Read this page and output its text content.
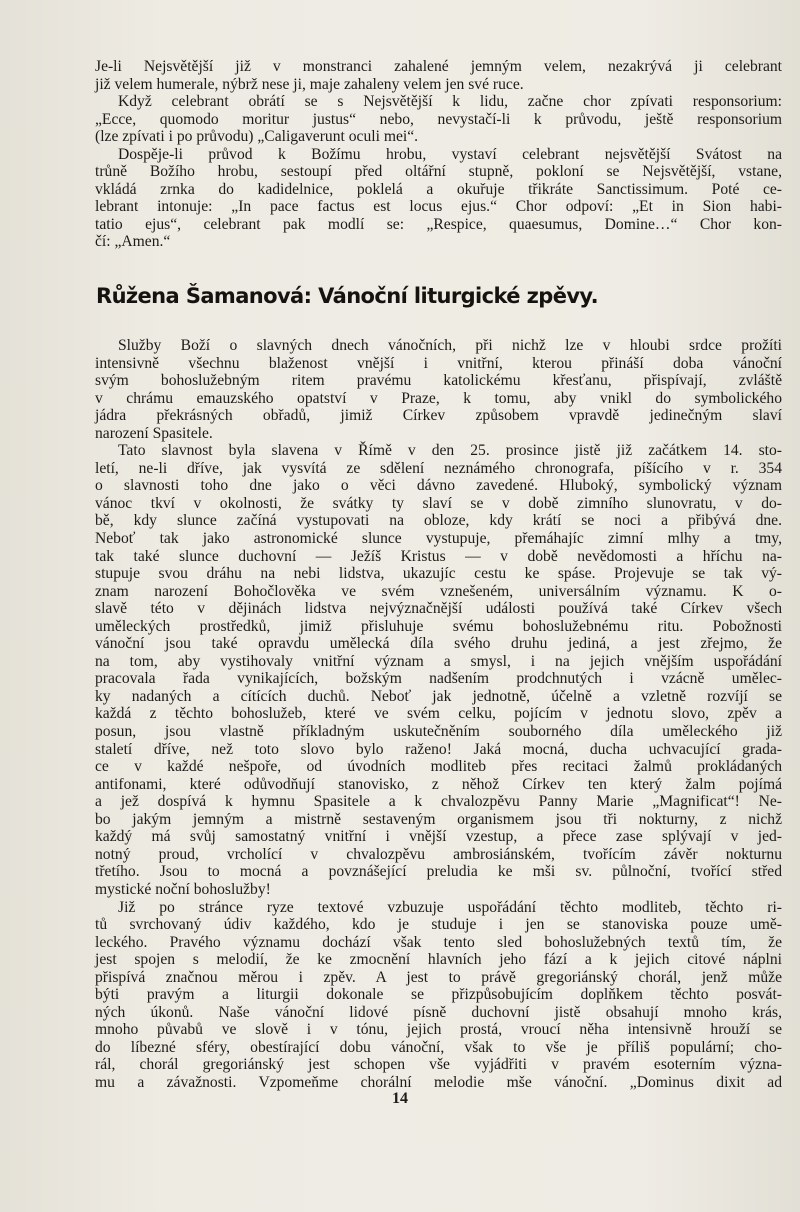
Je-li Nejsvětější již v monstranci zahalené jemným velem, nezakrývá ji celebrant
již velem humerale, nýbrž nese ji, maje zahaleny velem jen své ruce.
Když celebrant obrátí se s Nejsvětější k lidu, začne chor zpívati responsorium:
„Ecce, quomodo moritur justus“ nebo, nevystačí-li k průvodu, ještě responsorium
(lze zpívati i po průvodu) „Caligaverunt oculi mei“.
Dospěje-li průvod k Božímu hrobu, vystaví celebrant nejsvětější Svátost na
trůně Božího hrobu, sestoupí před oltářní stupně, pokloní se Nejsvětější, vstane,
vkládá zrnka do kadidelnice, poklelá a okuřuje třikráte Sanctissimum. Poté ce-
lebrant intonuje: „In pace factus est locus ejus.“ Chor odpoví: „Et in Sion habi-
tatio ejus“, celebrant pak modlí se: „Respice, quaesumus, Domine…“ Chor kon-
čí: „Amen.“
Růžena Šamanová: Vánoční liturgické zpěvy.
Služby Boží o slavných dnech vánočních, při nichž lze v hloubi srdce prožíti
intensivně všechnu blaženost vnější i vnitřní, kterou přináší doba vánoční
svým bohoslužebným ritem pravému katolickému křesťanu, přispívají, zvláště
v chrámu emauzského opatství v Praze, k tomu, aby vnikl do symbolického
jádra překrásných obřadů, jimiž Církev způsobem vpravdě jedinečným slaví
narození Spasitele.
Tato slavnost byla slavena v Římě v den 25. prosince jistě již začátkem 14. sto-
letí, ne-li dříve, jak vysvítá ze sdělení neznámého chronografa, píšícího v r. 354
o slavnosti toho dne jako o věci dávno zavedené. Hluboký, symbolický význam
vánoc tkví v okolnosti, že svátky ty slaví se v době zimního slunovratu, v do-
bě, kdy slunce začíná vystupovati na obloze, kdy krátí se noci a přibývá dne.
Neboť tak jako astronomické slunce vystupuje, přemáhajíc zimní mlhy a tmy,
tak také slunce duchovní — Ježíš Kristus — v době nevědomosti a hříchu na-
stupuje svou dráhu na nebi lidstva, ukazujíc cestu ke spáse. Projevuje se tak vý-
znam narození Bohočlověka ve svém vznešeném, universálním významu. K o-
slavě této v dějinách lidstva nejvýznačnější události používá také Církev všech
uměleckých prostředků, jimiž přisluhuje svému bohoslužebnému ritu. Pobožnosti
vánoční jsou také opravdu umělecká díla svého druhu jediná, a jest zřejmo, že
na tom, aby vystihovaly vnitřní význam a smysl, i na jejich vnějším uspořádání
pracovala řada vynikajících, božským nadšením prodchnutých i vzácně umělec-
ky nadaných a cítících duchů. Neboť jak jednotně, účelně a vzletně rozvíjí se
každá z těchto bohoslužeb, které ve svém celku, pojícím v jednotu slovo, zpěv a
posun, jsou vlastně příkladným uskutečněním souborného díla uměleckého již
staletí dříve, než toto slovo bylo raženo! Jaká mocná, ducha uchvacující grada-
ce v každé nešpoře, od úvodních modliteb přes recitaci žalmů prokládaných
antifonami, které odůvodňují stanovisko, z něhož Církev ten který žalm pojímá
a jež dospívá k hymnu Spasitele a k chvalozpěvu Panny Marie „Magnificat“! Ne-
bo jakým jemným a mistrně sestaveným organismem jsou tři nokturny, z nichž
každý má svůj samostatný vnitřní i vnější vzestup, a přece zase splývají v jed-
notný proud, vrcholící v chvalozpěvu ambrosiánském, tvořícím závěr nokturnu
třetího. Jsou to mocná a povznášející preludia ke mši sv. půlnoční, tvořící střed
mystické noční bohoslužby!
Již po stránce ryze textové vzbuzuje uspořádání těchto modliteb, těchto ri-
tů svrchovaný údiv každého, kdo je studuje i jen se stanoviska pouze umě-
leckého. Pravého významu dochází však tento sled bohoslužebných textů tím, že
jest spojen s melodií, že ke zmocnění hlavních jeho fází a k jejich citové náplni
přispívá značnou měrou i zpěv. A jest to právě gregoriánský chorál, jenž může
býti pravým a liturgii dokonale se přizpůsobujícím doplňkem těchto posvát-
ných úkonů. Naše vánoční lidové písně duchovní jistě obsahují mnoho krás,
mnoho půvabů ve slově i v tónu, jejich prostá, vroucí něha intensivně hrouží se
do líbezné sféry, obestírající dobu vánoční, však to vše je příliš populární; cho-
rál, chorál gregoriánský jest schopen vše vyjádřiti v pravém esoterním význa-
mu a závažnosti. Vzpomeňme chorální melodie mše vánoční. „Dominus dixit ad
14
